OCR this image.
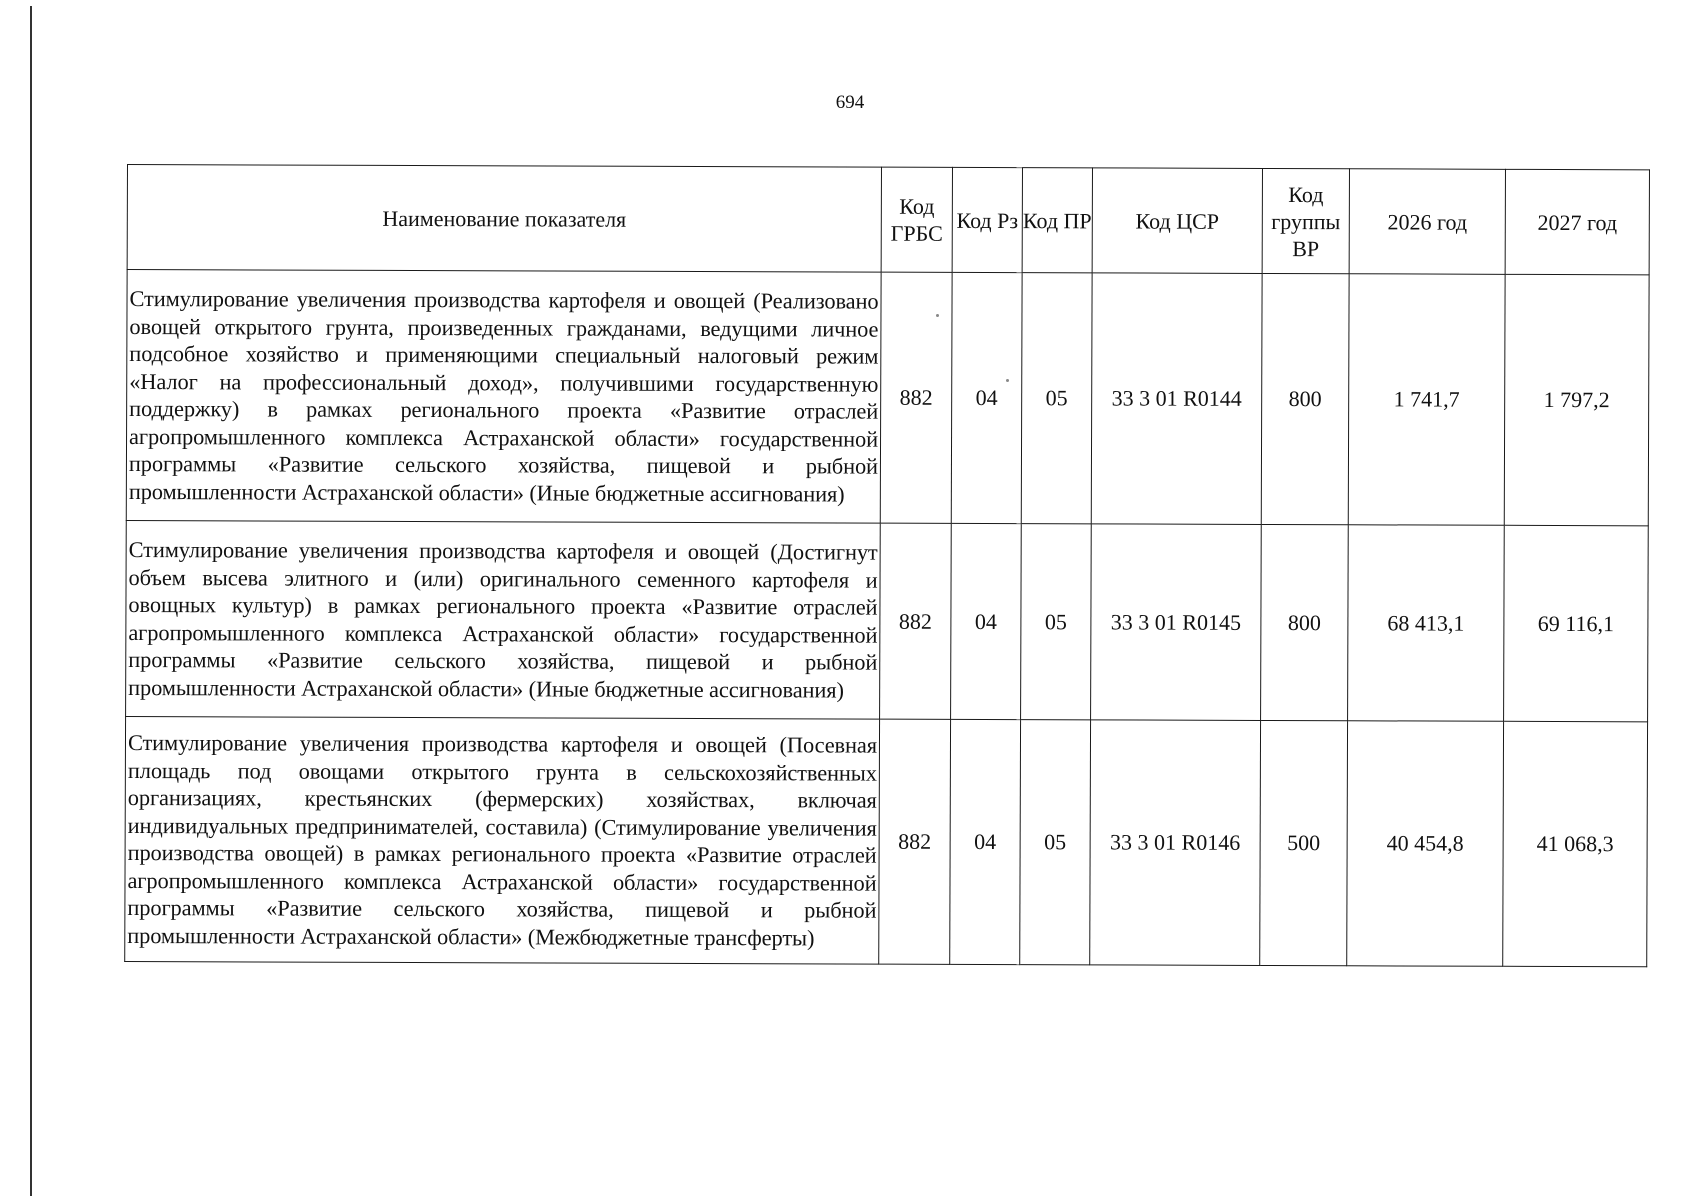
694
Наименование показателя	Код ГРБС	Код Рз	Код ПР	Код ЦСР	Код группы ВР	2026 год	2027 год
Стимулирование увеличения производства картофеля и овощей (Реализовано овощей открытого грунта, произведенных гражданами, ведущими личное подсобное хозяйство и применяющими специальный налоговый режим «Налог на профессиональный доход», получившими государственную поддержку) в рамках регионального проекта «Развитие отраслей агропромышленного комплекса Астраханской области» государственной программы «Развитие сельского хозяйства, пищевой и рыбной промышленности Астраханской области» (Иные бюджетные ассигнования)	882	04	05	33 3 01 R0144	800	1 741,7	1 797,2
Стимулирование увеличения производства картофеля и овощей (Достигнут объем высева элитного и (или) оригинального семенного картофеля и овощных культур) в рамках регионального проекта «Развитие отраслей агропромышленного комплекса Астраханской области» государственной программы «Развитие сельского хозяйства, пищевой и рыбной промышленности Астраханской области» (Иные бюджетные ассигнования)	882	04	05	33 3 01 R0145	800	68 413,1	69 116,1
Стимулирование увеличения производства картофеля и овощей (Посевная площадь под овощами открытого грунта в сельскохозяйственных организациях, крестьянских (фермерских) хозяйствах, включая индивидуальных предпринимателей, составила) (Стимулирование увеличения производства овощей) в рамках регионального проекта «Развитие отраслей агропромышленного комплекса Астраханской области» государственной программы «Развитие сельского хозяйства, пищевой и рыбной промышленности Астраханской области» (Межбюджетные трансферты)	882	04	05	33 3 01 R0146	500	40 454,8	41 068,3
